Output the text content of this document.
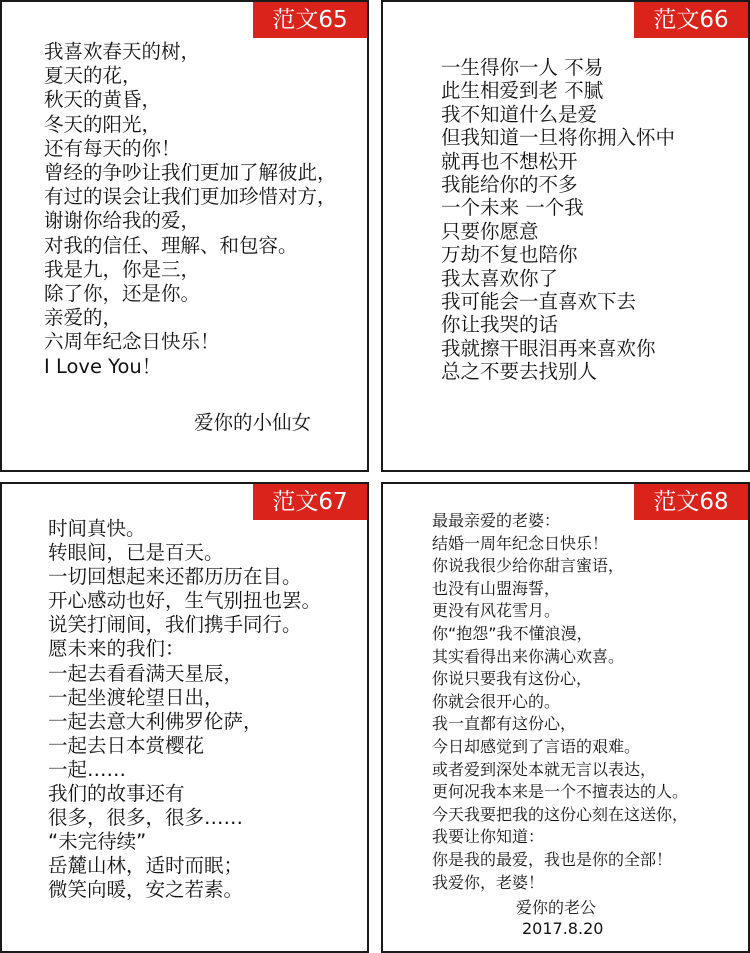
范文65
我喜欢春天的树，
夏天的花，
秋天的黄昏，
冬天的阳光，
还有每天的你！
曾经的争吵让我们更加了解彼此，
有过的误会让我们更加珍惜对方，
谢谢你给我的爱，
对我的信任、理解、和包容。
我是九，你是三，
除了你，还是你。
亲爱的，
六周年纪念日快乐！
I Love You！
爱你的小仙女
范文66
一生得你一人 不易
此生相爱到老 不腻
我不知道什么是爱
但我知道一旦将你拥入怀中
就再也不想松开
我能给你的不多
一个未来 一个我
只要你愿意
万劫不复也陪你
我太喜欢你了
我可能会一直喜欢下去
你让我哭的话
我就擦干眼泪再来喜欢你
总之不要去找别人
范文67
时间真快。
转眼间，已是百天。
一切回想起来还都历历在目。
开心感动也好，生气别扭也罢。
说笑打闹间，我们携手同行。
愿未来的我们：
一起去看看满天星辰，
一起坐渡轮望日出，
一起去意大利佛罗伦萨，
一起去日本赏樱花
一起……
我们的故事还有
很多，很多，很多……
“未完待续”
岳麓山林，适时而眠；
微笑向暖，安之若素。
范文68
最最亲爱的老婆：
结婚一周年纪念日快乐！
你说我很少给你甜言蜜语，
也没有山盟海誓，
更没有风花雪月。
你“抱怨”我不懂浪漫，
其实看得出来你满心欢喜。
你说只要我有这份心，
你就会很开心的。
我一直都有这份心，
今日却感觉到了言语的艰难。
或者爱到深处本就无言以表达，
更何况我本来是一个不擅表达的人。
今天我要把我的这份心刻在这送你，
我要让你知道：
你是我的最爱，我也是你的全部！
我爱你，老婆！
爱你的老公
2017.8.20
